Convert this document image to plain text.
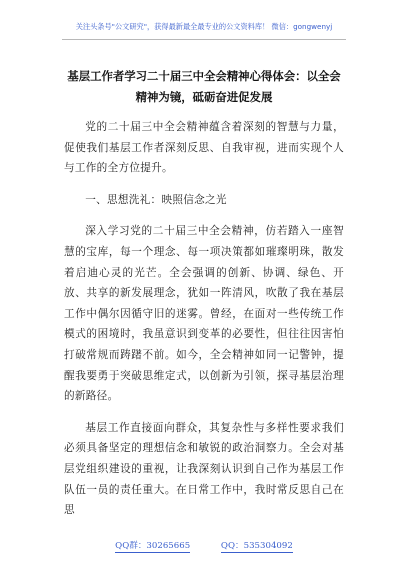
关注头条号"公文研究"，获得最新最全最专业的公文资料库！ 微信：gongwenyj
基层工作者学习二十届三中全会精神心得体会：以全会精神为镜，砥砺奋进促发展

党的二十届三中全会精神蕴含着深刻的智慧与力量，促使我们基层工作者深刻反思、自我审视，进而实现个人与工作的全方位提升。

一、思想洗礼：映照信念之光

深入学习党的二十届三中全会精神，仿若踏入一座智慧的宝库，每一个理念、每一项决策都如璀璨明珠，散发着启迪心灵的光芒。全会强调的创新、协调、绿色、开放、共享的新发展理念，犹如一阵清风，吹散了我在基层工作中偶尔因循守旧的迷雾。曾经，在面对一些传统工作模式的困境时，我虽意识到变革的必要性，但往往因害怕打破常规而踌躇不前。如今，全会精神如同一记警钟，提醒我要勇于突破思维定式，以创新为引领，探寻基层治理的新路径。

基层工作直接面向群众，其复杂性与多样性要求我们必须具备坚定的理想信念和敏锐的政治洞察力。全会对基层党组织建设的重视，让我深刻认识到自己作为基层工作队伍一员的责任重大。在日常工作中，我时常反思自己在思

QQ群：30265665	QQ：535304092
